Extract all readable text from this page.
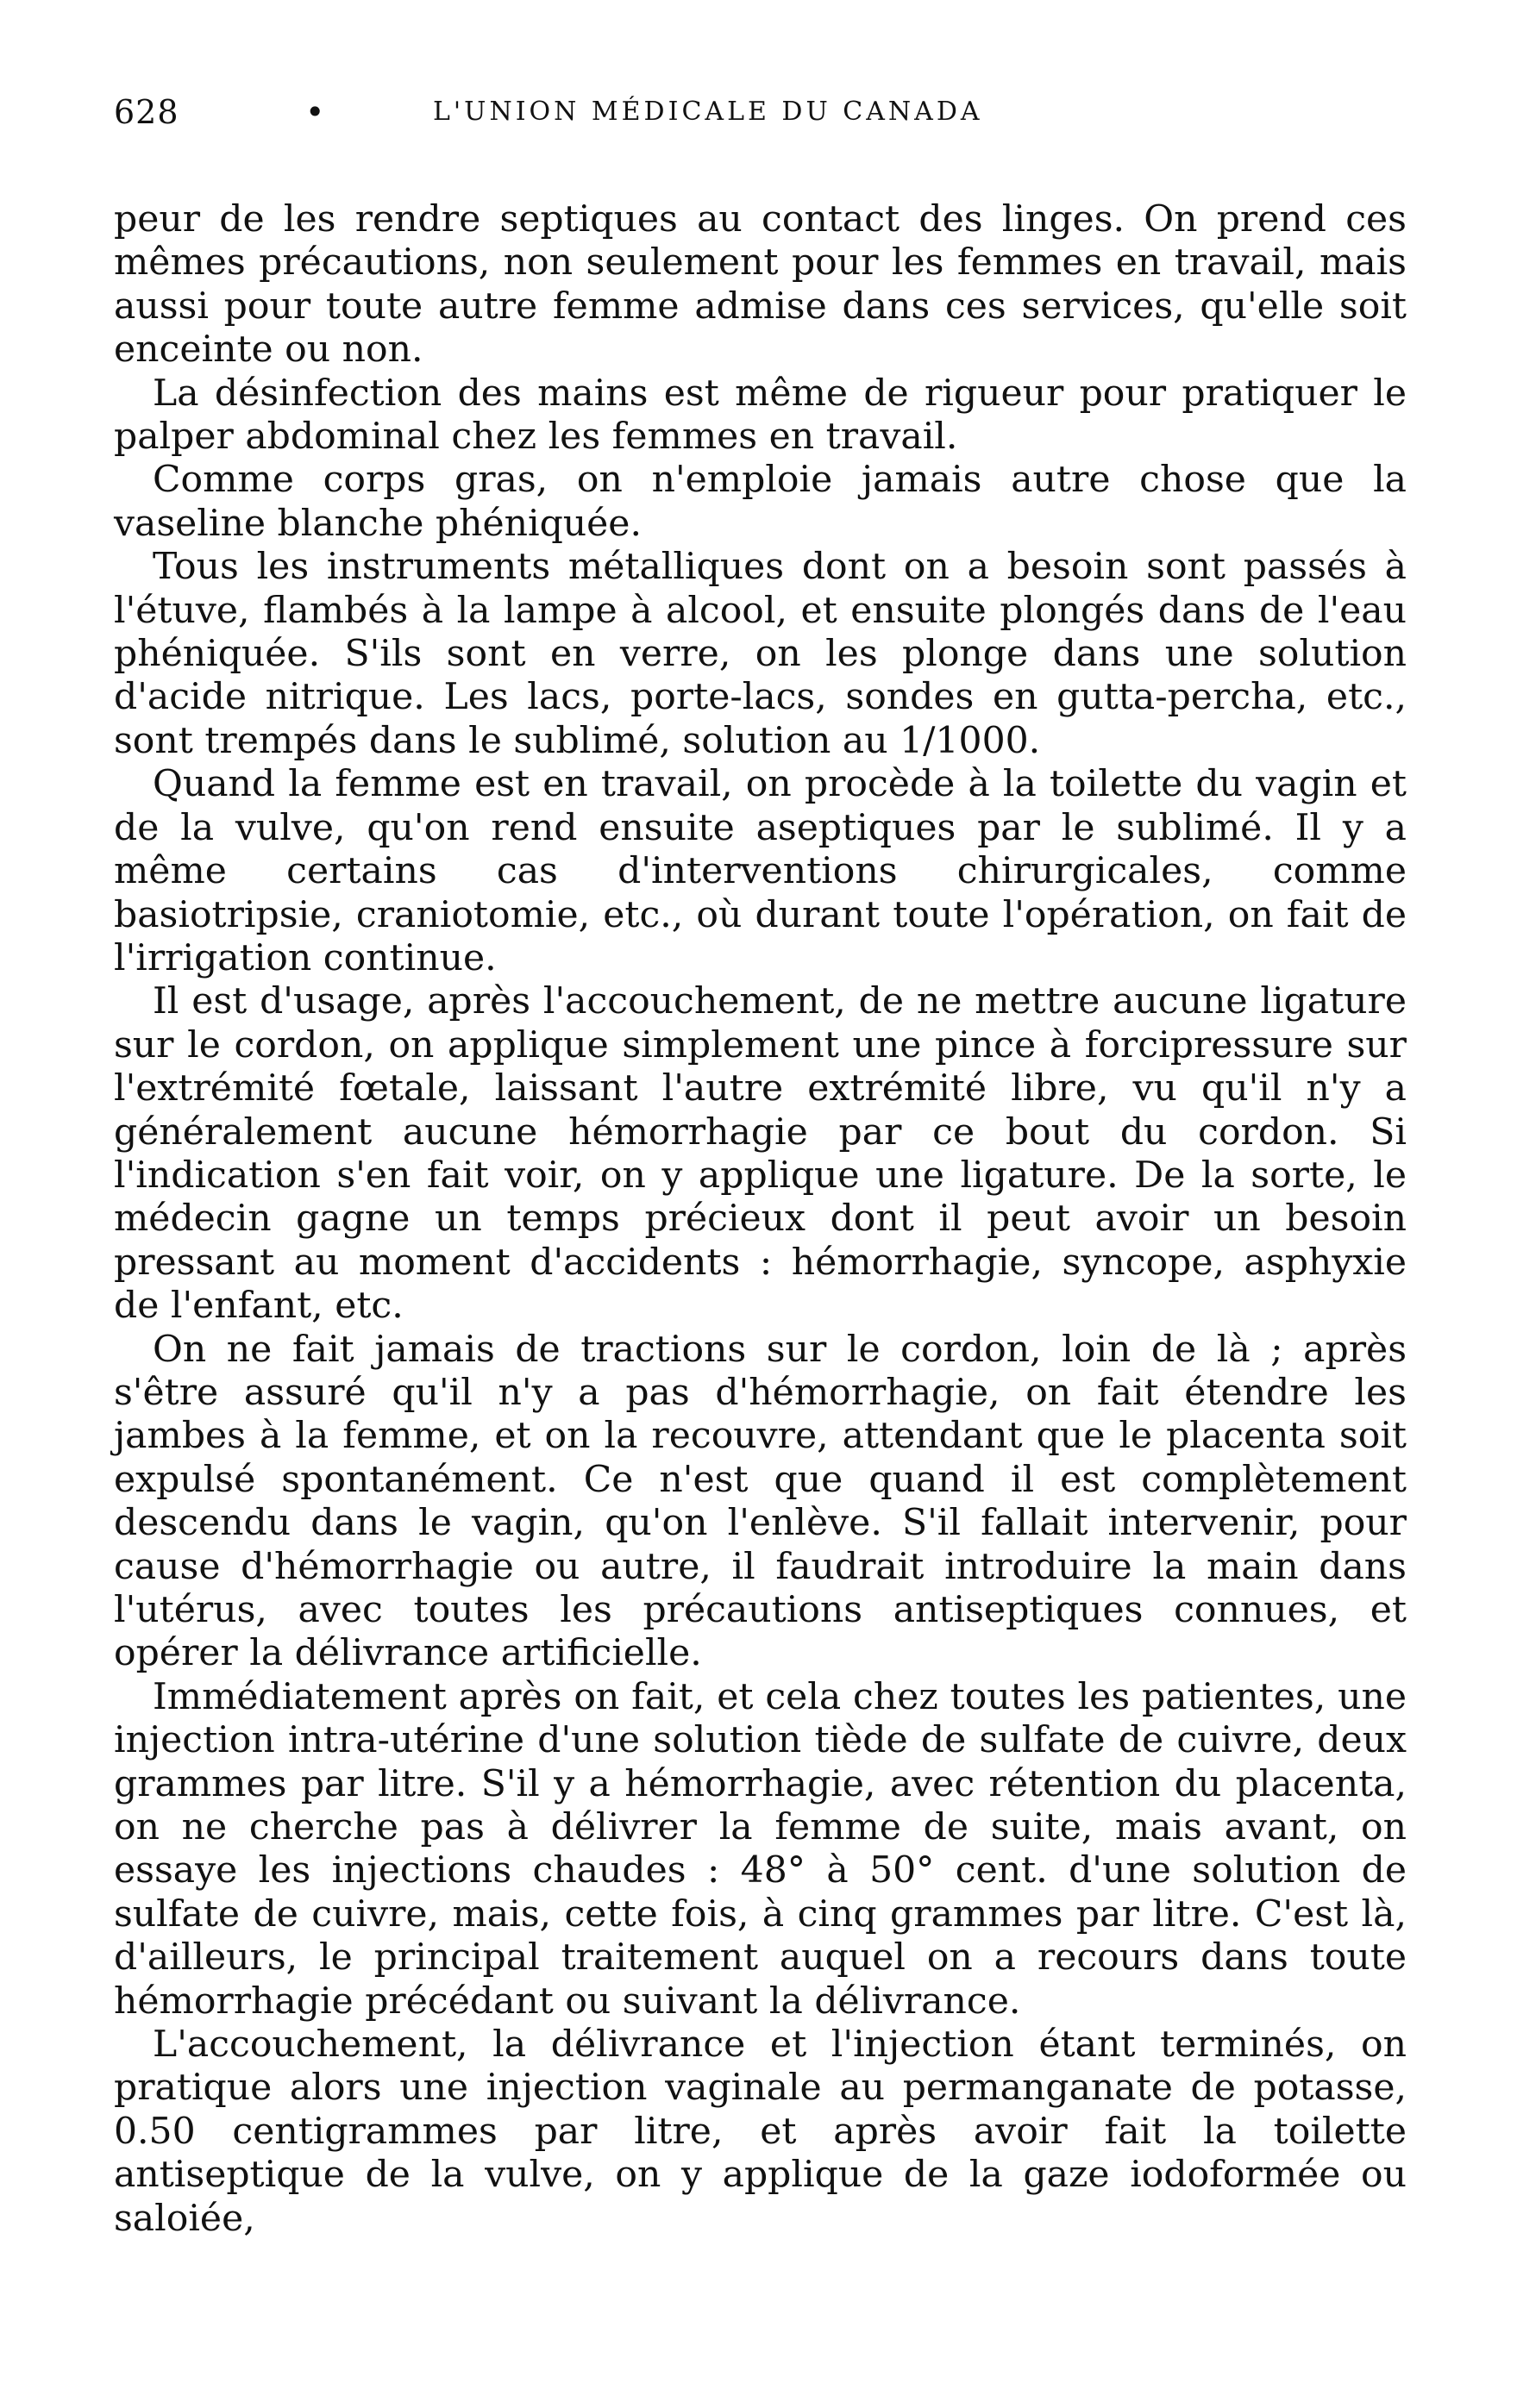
628	•	L'UNION MÉDICALE DU CANADA

peur de les rendre septiques au contact des linges. On prend ces mêmes précautions, non seulement pour les femmes en travail, mais aussi pour toute autre femme admise dans ces services, qu'elle soit enceinte ou non.

La désinfection des mains est même de rigueur pour pratiquer le palper abdominal chez les femmes en travail.

Comme corps gras, on n'emploie jamais autre chose que la vaseline blanche phéniquée.

Tous les instruments métalliques dont on a besoin sont passés à l'étuve, flambés à la lampe à alcool, et ensuite plongés dans de l'eau phéniquée. S'ils sont en verre, on les plonge dans une solution d'acide nitrique. Les lacs, porte-lacs, sondes en gutta-percha, etc., sont trempés dans le sublimé, solution au 1/1000.

Quand la femme est en travail, on procède à la toilette du vagin et de la vulve, qu'on rend ensuite aseptiques par le sublimé. Il y a même certains cas d'interventions chirurgicales, comme basiotripsie, craniotomie, etc., où durant toute l'opération, on fait de l'irrigation continue.

Il est d'usage, après l'accouchement, de ne mettre aucune ligature sur le cordon, on applique simplement une pince à forcipressure sur l'extrémité fœtale, laissant l'autre extrémité libre, vu qu'il n'y a généralement aucune hémorrhagie par ce bout du cordon. Si l'indication s'en fait voir, on y applique une ligature. De la sorte, le médecin gagne un temps précieux dont il peut avoir un besoin pressant au moment d'accidents : hémorrhagie, syncope, asphyxie de l'enfant, etc.

On ne fait jamais de tractions sur le cordon, loin de là ; après s'être assuré qu'il n'y a pas d'hémorrhagie, on fait étendre les jambes à la femme, et on la recouvre, attendant que le placenta soit expulsé spontanément. Ce n'est que quand il est complètement descendu dans le vagin, qu'on l'enlève. S'il fallait intervenir, pour cause d'hémorrhagie ou autre, il faudrait introduire la main dans l'utérus, avec toutes les précautions antiseptiques connues, et opérer la délivrance artificielle.

Immédiatement après on fait, et cela chez toutes les patientes, une injection intra-utérine d'une solution tiède de sulfate de cuivre, deux grammes par litre. S'il y a hémorrhagie, avec rétention du placenta, on ne cherche pas à délivrer la femme de suite, mais avant, on essaye les injections chaudes : 48° à 50° cent. d'une solution de sulfate de cuivre, mais, cette fois, à cinq grammes par litre. C'est là, d'ailleurs, le principal traitement auquel on a recours dans toute hémorrhagie précédant ou suivant la délivrance.

L'accouchement, la délivrance et l'injection étant terminés, on pratique alors une injection vaginale au permanganate de potasse, 0.50 centigrammes par litre, et après avoir fait la toilette antiseptique de la vulve, on y applique de la gaze iodoformée ou saloiée,
